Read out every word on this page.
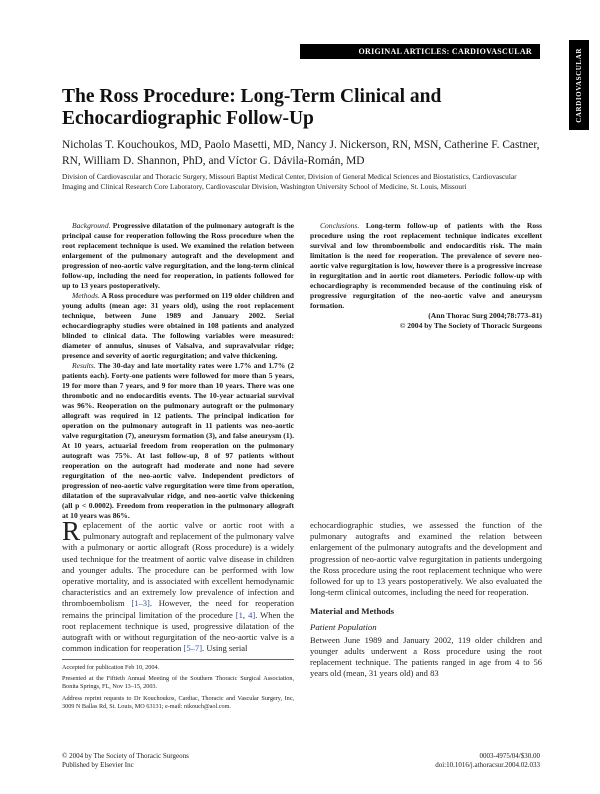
ORIGINAL ARTICLES: CARDIOVASCULAR	CARDIOVASCULAR
The Ross Procedure: Long-Term Clinical and Echocardiographic Follow-Up
Nicholas T. Kouchoukos, MD, Paolo Masetti, MD, Nancy J. Nickerson, RN, MSN, Catherine F. Castner, RN, William D. Shannon, PhD, and Víctor G. Dávila-Román, MD
Division of Cardiovascular and Thoracic Surgery, Missouri Baptist Medical Center, Division of General Medical Sciences and Biostatistics, Cardiovascular Imaging and Clinical Research Core Laboratory, Cardiovascular Division, Washington University School of Medicine, St. Louis, Missouri

Background. Progressive dilatation of the pulmonary autograft is the principal cause for reoperation following the Ross procedure when the root replacement technique is used. We examined the relation between enlargement of the pulmonary autograft and the development and progression of neo-aortic valve regurgitation, and the long-term clinical follow-up, including the need for reoperation, in patients followed for up to 13 years postoperatively.

Methods. A Ross procedure was performed on 119 older children and young adults (mean age: 31 years old), using the root replacement technique, between June 1989 and January 2002. Serial echocardiography studies were obtained in 108 patients and analyzed blinded to clinical data. The following variables were measured: diameter of annulus, sinuses of Valsalva, and supravalvular ridge; presence and severity of aortic regurgitation; and valve thickening.

Results. The 30-day and late mortality rates were 1.7% and 1.7% (2 patients each). Forty-one patients were followed for more than 5 years, 19 for more than 7 years, and 9 for more than 10 years. There was one thrombotic and no endocarditis events. The 10-year actuarial survival was 96%. Reoperation on the pulmonary autograft or the pulmonary allograft was required in 12 patients. The principal indication for operation on the pulmonary autograft in 11 patients was neo-aortic valve regurgitation (7), aneurysm formation (3), and false aneurysm (1). At 10 years, actuarial freedom from reoperation on the pulmonary autograft was 75%. At last follow-up, 8 of 97 patients without reoperation on the autograft had moderate and none had severe regurgitation of the neo-aortic valve. Independent predictors of progression of neo-aortic valve regurgitation were time from operation, dilatation of the supravalvular ridge, and neo-aortic valve thickening (all p < 0.0002). Freedom from reoperation in the pulmonary allograft at 10 years was 86%.

Conclusions. Long-term follow-up of patients with the Ross procedure using the root replacement technique indicates excellent survival and low thromboembolic and endocarditis risk. The main limitation is the need for reoperation. The prevalence of severe neo-aortic valve regurgitation is low, however there is a progressive increase in regurgitation and in aortic root diameters. Periodic follow-up with echocardiography is recommended because of the continuing risk of progressive regurgitation of the neo-aortic valve and aneurysm formation.

(Ann Thorac Surg 2004;78:773–81)
© 2004 by The Society of Thoracic Surgeons

Replacement of the aortic valve or aortic root with a pulmonary autograft and replacement of the pulmonary valve with a pulmonary or aortic allograft (Ross procedure) is a widely used technique for the treatment of aortic valve disease in children and younger adults. The procedure can be performed with low operative mortality, and is associated with excellent hemodynamic characteristics and an extremely low prevalence of infection and thromboembolism [1–3]. However, the need for reoperation remains the principal limitation of the procedure [1, 4]. When the root replacement technique is used, progressive dilatation of the autograft with or without regurgitation of the neo-aortic valve is a common indication for reoperation [5–7]. Using serial

echocardiographic studies, we assessed the function of the pulmonary autografts and examined the relation between enlargement of the pulmonary autografts and the development and progression of neo-aortic valve regurgitation in patients undergoing the Ross procedure using the root replacement technique who were followed for up to 13 years postoperatively. We also evaluated the long-term clinical outcomes, including the need for reoperation.

Material and Methods
Patient Population

Between June 1989 and January 2002, 119 older children and younger adults underwent a Ross procedure using the root replacement technique. The patients ranged in age from 4 to 56 years old (mean, 31 years old) and 83

Accepted for publication Feb 10, 2004.

Presented at the Fiftieth Annual Meeting of the Southern Thoracic Surgical Association, Bonita Springs, FL, Nov 13–15, 2003.

Address reprint requests to Dr Kouchoukos, Cardiac, Thoracic and Vascular Surgery, Inc, 3009 N Ballas Rd, St. Louis, MO 63131; e-mail: nikouch@aol.com.

© 2004 by The Society of Thoracic Surgeons
Published by Elsevier Inc
0003-4975/04/$30.00
doi:10.1016/j.athoracsur.2004.02.033
